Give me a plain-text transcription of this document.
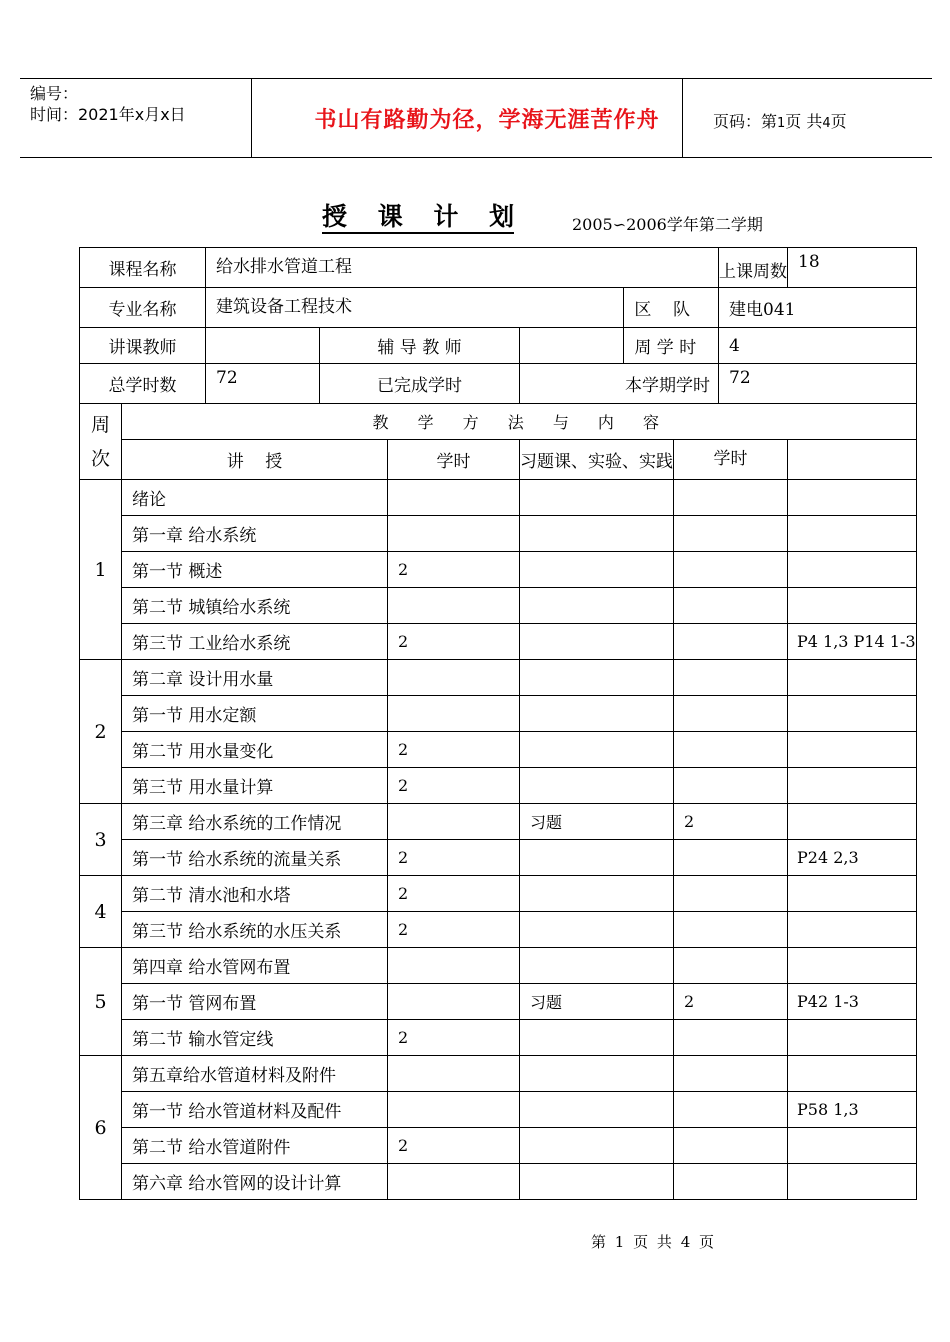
编号：
时间：2021年x月x日	书山有路勤为径，学海无涯苦作舟	页码：第1页 共4页
授 课 计 划	2005∽2006学年第二学期
课程名称		给水排水管道工程						上课周数	18
专业名称		建筑设备工程技术				区    队		建电041	
讲课教师			辅 导 教 师			周 学 时		4	
总学时数		72	已完成学时		本学期学时			72	
周次	教 学 方 法 与 内 容								
	讲    授			学时	习题课、实验、实践		学时		
1	绪论								
	第一章 给水系统								
	第一节 概述			2					
	第二节 城镇给水系统								
	第三节 工业给水系统			2					P4 1,3 P14 1-3
2	第二章 设计用水量								
	第一节 用水定额								
	第二节 用水量变化			2					
	第三节 用水量计算			2					
3	第三章 给水系统的工作情况				习题		2		
	第一节 给水系统的流量关系			2					P24 2,3
4	第二节 清水池和水塔			2					
	第三节 给水系统的水压关系			2					
5	第四章 给水管网布置								
	第一节 管网布置				习题		2		P42 1-3
	第二节 输水管定线			2					
6	第五章给水管道材料及附件								
	第一节 给水管道材料及配件								P58 1,3
	第二节 给水管道附件			2					
	第六章 给水管网的设计计算								
第 1 页 共 4 页
